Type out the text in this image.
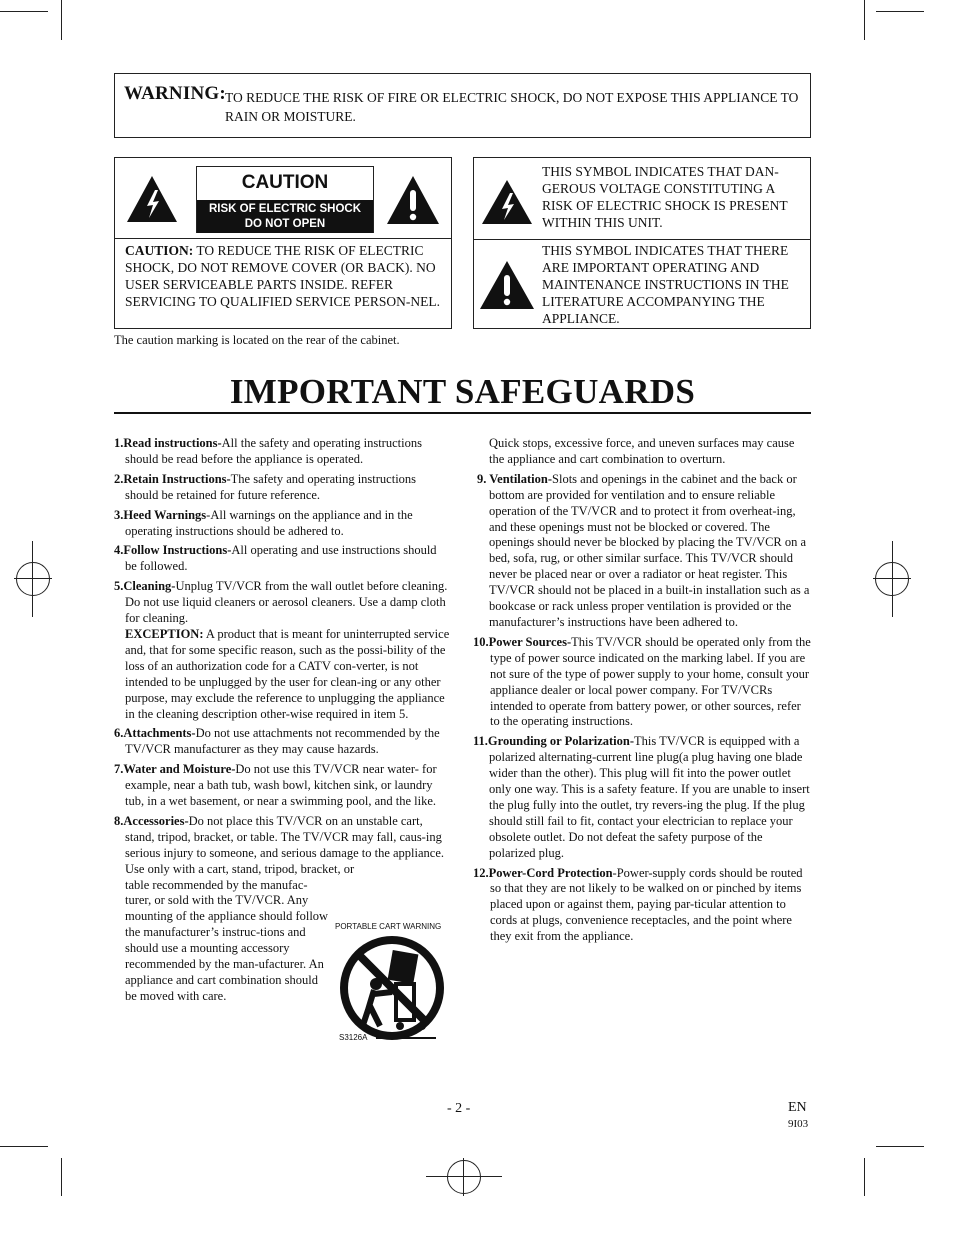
WARNING: TO REDUCE THE RISK OF FIRE OR ELECTRIC SHOCK, DO NOT EXPOSE THIS APPLIANCE TO RAIN OR MOISTURE.
CAUTION
RISK OF ELECTRIC SHOCK
DO NOT OPEN
CAUTION: TO REDUCE THE RISK OF ELECTRIC SHOCK, DO NOT REMOVE COVER (OR BACK). NO USER SERVICEABLE PARTS INSIDE. REFER SERVICING TO QUALIFIED SERVICE PERSON-NEL.
The caution marking is located on the rear of the cabinet.
THIS SYMBOL INDICATES THAT DAN-GEROUS VOLTAGE CONSTITUTING A RISK OF ELECTRIC SHOCK IS PRESENT WITHIN THIS UNIT.
THIS SYMBOL INDICATES THAT THERE ARE IMPORTANT OPERATING AND MAINTENANCE INSTRUCTIONS IN THE LITERATURE ACCOMPANYING THE APPLIANCE.
IMPORTANT SAFEGUARDS
1.Read instructions-All the safety and operating instructions should be read before the appliance is operated.
2.Retain Instructions-The safety and operating instructions should be retained for future reference.
3.Heed Warnings-All warnings on the appliance and in the operating instructions should be adhered to.
4.Follow Instructions-All operating and use instructions should be followed.
5.Cleaning-Unplug TV/VCR from the wall outlet before cleaning. Do not use liquid cleaners or aerosol cleaners. Use a damp cloth for cleaning.
EXCEPTION: A product that is meant for uninterrupted service and, that for some specific reason, such as the possi-bility of the loss of an authorization code for a CATV con-verter, is not intended to be unplugged by the user for clean-ing or any other purpose, may exclude the reference to unplugging the appliance in the cleaning description other-wise required in item 5.
6.Attachments-Do not use attachments not recommended by the TV/VCR manufacturer as they may cause hazards.
7.Water and Moisture-Do not use this TV/VCR near water- for example, near a bath tub, wash bowl, kitchen sink, or laundry tub, in a wet basement, or near a swimming pool, and the like.
8.Accessories-Do not place this TV/VCR on an unstable cart, stand, tripod, bracket, or table. The TV/VCR may fall, caus-ing serious injury to someone, and serious damage to the appliance. Use only with a cart, stand, tripod, bracket, or
table recommended by the manufac-turer, or sold with the TV/VCR. Any mounting of the appliance should follow the manufacturer’s instruc-tions and should use a mounting accessory recommended by the man-ufacturer. An appliance and cart combination should be moved with care.
PORTABLE CART WARNING
S3126A
Quick stops, excessive force, and uneven surfaces may cause the appliance and cart combination to overturn.
9. Ventilation-Slots and openings in the cabinet and the back or bottom are provided for ventilation and to ensure reliable operation of the TV/VCR and to protect it from overheat-ing, and these openings must not be blocked or covered. The openings should never be blocked by placing the TV/VCR on a bed, sofa, rug, or other similar surface. This TV/VCR should never be placed near or over a radiator or heat register. This TV/VCR should not be placed in a built-in installation such as a bookcase or rack unless proper ventilation is provided or the manufacturer’s instructions have been adhered to.
10.Power Sources-This TV/VCR should be operated only from the type of power source indicated on the marking label. If you are not sure of the type of power supply to your home, consult your appliance dealer or local power company. For TV/VCRs intended to operate from battery power, or other sources, refer to the operating instructions.
11.Grounding or Polarization-This TV/VCR is equipped with a polarized alternating-current line plug(a plug having one blade wider than the other). This plug will fit into the power outlet only one way. This is a safety feature. If you are unable to insert the plug fully into the outlet, try revers-ing the plug. If the plug should still fail to fit, contact your electrician to replace your obsolete outlet. Do not defeat the safety purpose of the polarized plug.
12.Power-Cord Protection-Power-supply cords should be routed so that they are not likely to be walked on or pinched by items placed upon or against them, paying par-ticular attention to cords at plugs, convenience receptacles, and the point where they exit from the appliance.
- 2 -	EN
9I03
